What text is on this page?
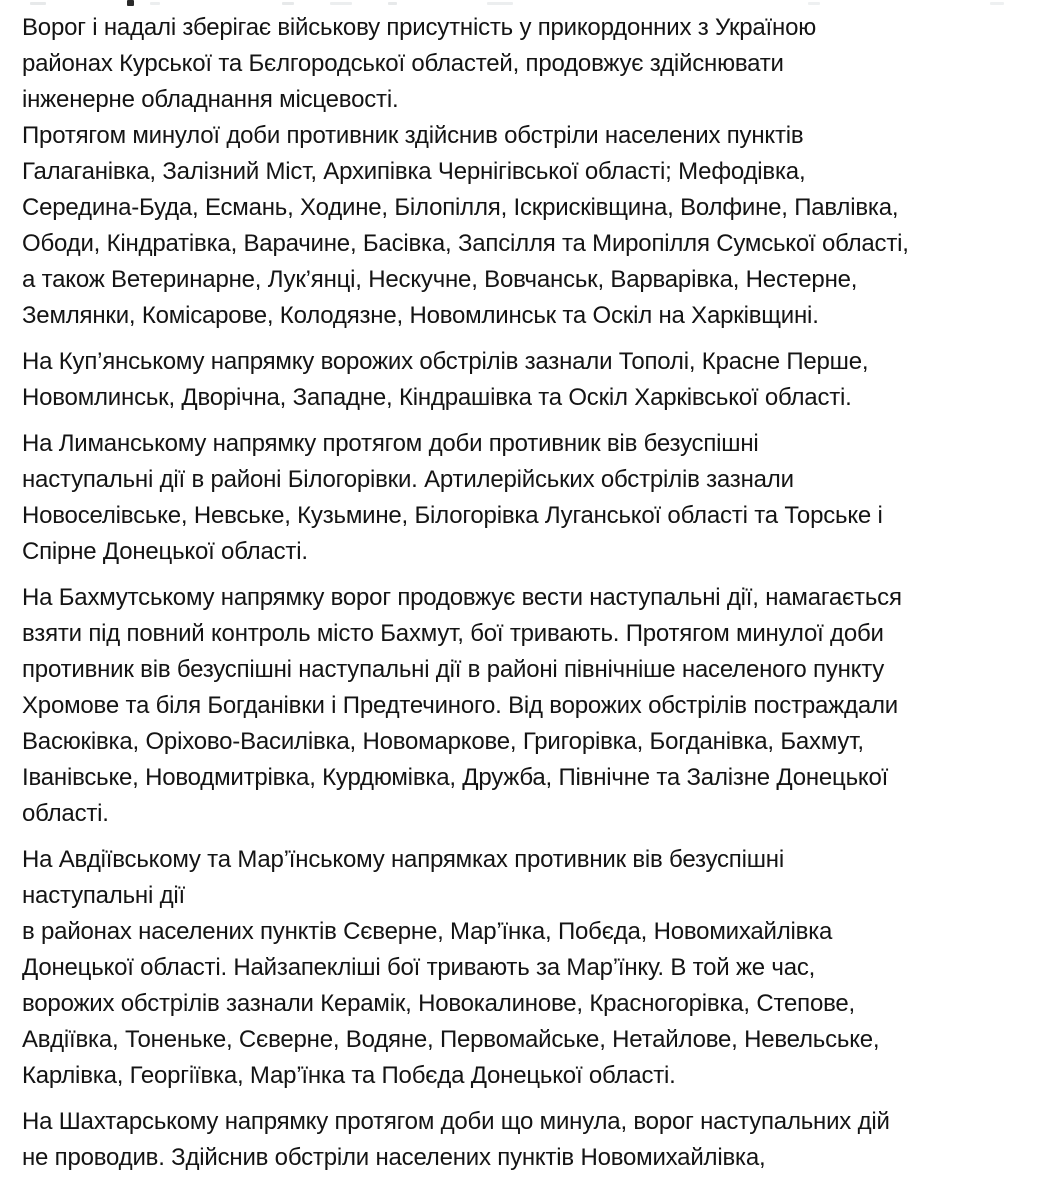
Ворог і надалі зберігає військову присутність у прикордонних з Україною
районах Курської та Бєлгородської областей, продовжує здійснювати
інженерне обладнання місцевості.

Протягом минулої доби противник здійснив обстріли населених пунктів
Галаганівка, Залізний Міст, Архипівка Чернігівської області; Мефодівка,
Середина-Буда, Есмань, Ходине, Білопілля, Іскрисківщина, Волфине, Павлівка,
Ободи, Кіндратівка, Варачине, Басівка, Запсілля та Миропілля Сумської області,
а також Ветеринарне, Лук’янці, Нескучне, Вовчанськ, Варварівка, Нестерне,
Землянки, Комісарове, Колодязне, Новомлинськ та Оскіл на Харківщині.

На Куп’янському напрямку ворожих обстрілів зазнали Тополі, Красне Перше,
Новомлинськ, Дворічна, Западне, Кіндрашівка та Оскіл Харківської області.

На Лиманському напрямку протягом доби противник вів безуспішні
наступальні дії в районі Білогорівки. Артилерійських обстрілів зазнали
Новоселівське, Невське, Кузьмине, Білогорівка Луганської області та Торське і
Спірне Донецької області.

На Бахмутському напрямку ворог продовжує вести наступальні дії, намагається
взяти під повний контроль місто Бахмут, бої тривають. Протягом минулої доби
противник вів безуспішні наступальні дії в районі північніше населеного пункту
Хромове та біля Богданівки і Предтечиного. Від ворожих обстрілів постраждали
Васюківка, Оріхово-Василівка, Новомаркове, Григорівка, Богданівка, Бахмут,
Іванівське, Новодмитрівка, Курдюмівка, Дружба, Північне та Залізне Донецької
області.

На Авдіївському та Мар’їнському напрямках противник вів безуспішні
наступальні дії
в районах населених пунктів Сєверне, Мар’їнка, Побєда, Новомихайлівка
Донецької області. Найзапекліші бої тривають за Мар’їнку. В той же час,
ворожих обстрілів зазнали Керамік, Новокалинове, Красногорівка, Степове,
Авдіївка, Тоненьке, Сєверне, Водяне, Первомайське, Нетайлове, Невельське,
Карлівка, Георгіївка, Мар’їнка та Побєда Донецької області.

На Шахтарському напрямку протягом доби що минула, ворог наступальних дій
не проводив. Здійснив обстріли населених пунктів Новомихайлівка,
